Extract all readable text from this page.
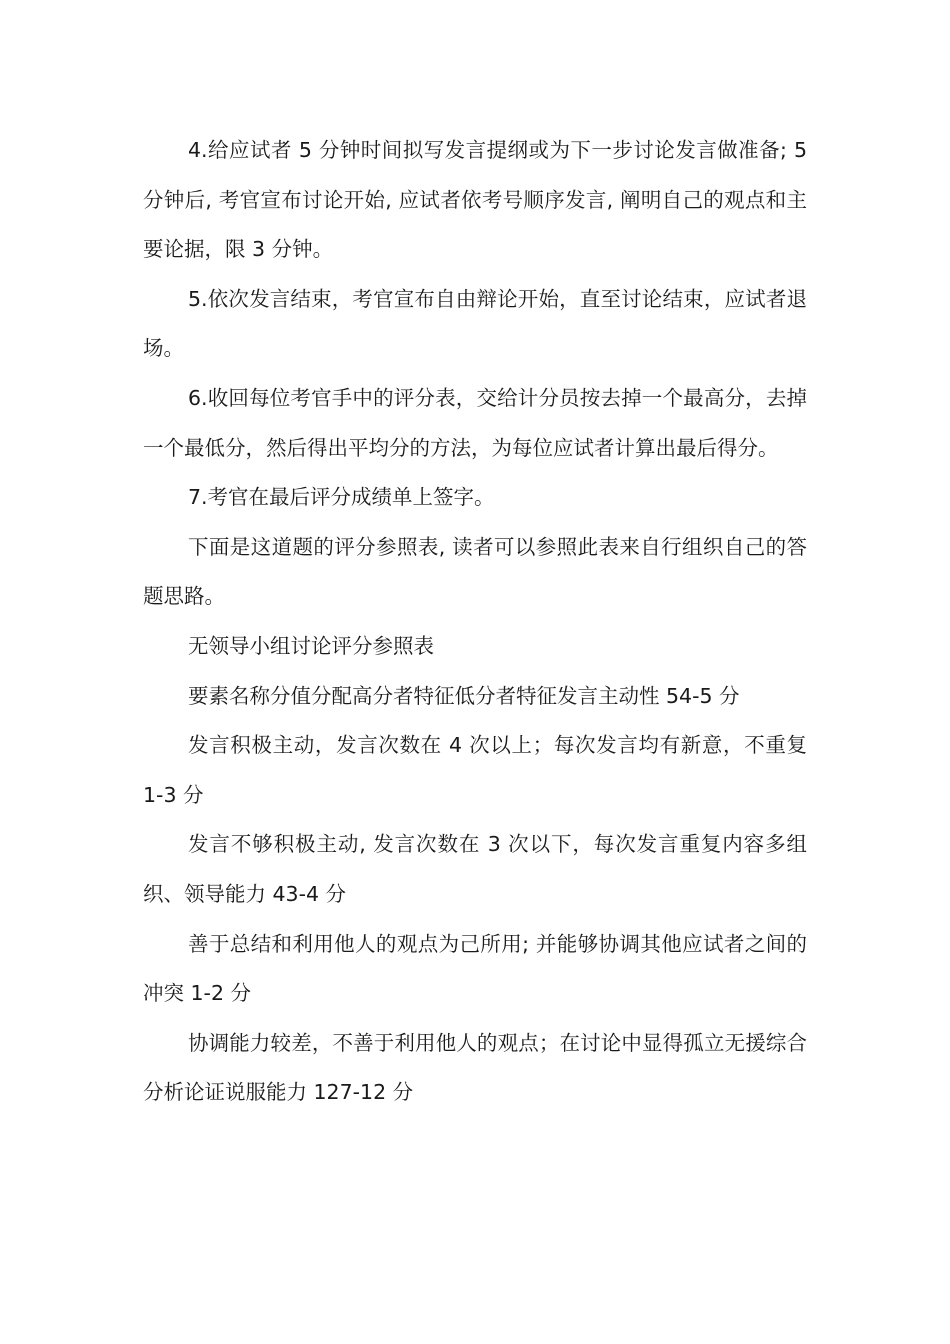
4.给应试者 5 分钟时间拟写发言提纲或为下一步讨论发言做准备; 5 分钟后, 考官宣布讨论开始, 应试者依考号顺序发言, 阐明自己的观点和主要论据，限 3 分钟。

5.依次发言结束，考官宣布自由辩论开始，直至讨论结束，应试者退场。

6.收回每位考官手中的评分表，交给计分员按去掉一个最高分，去掉一个最低分，然后得出平均分的方法，为每位应试者计算出最后得分。

7.考官在最后评分成绩单上签字。

下面是这道题的评分参照表, 读者可以参照此表来自行组织自己的答题思路。

无领导小组讨论评分参照表

要素名称分值分配高分者特征低分者特征发言主动性 54-5 分

发言积极主动，发言次数在 4 次以上；每次发言均有新意，不重复 1-3 分

发言不够积极主动, 发言次数在 3 次以下，每次发言重复内容多组织、领导能力 43-4 分

善于总结和利用他人的观点为己所用; 并能够协调其他应试者之间的冲突 1-2 分

协调能力较差，不善于利用他人的观点；在讨论中显得孤立无援综合分析论证说服能力 127-12 分
